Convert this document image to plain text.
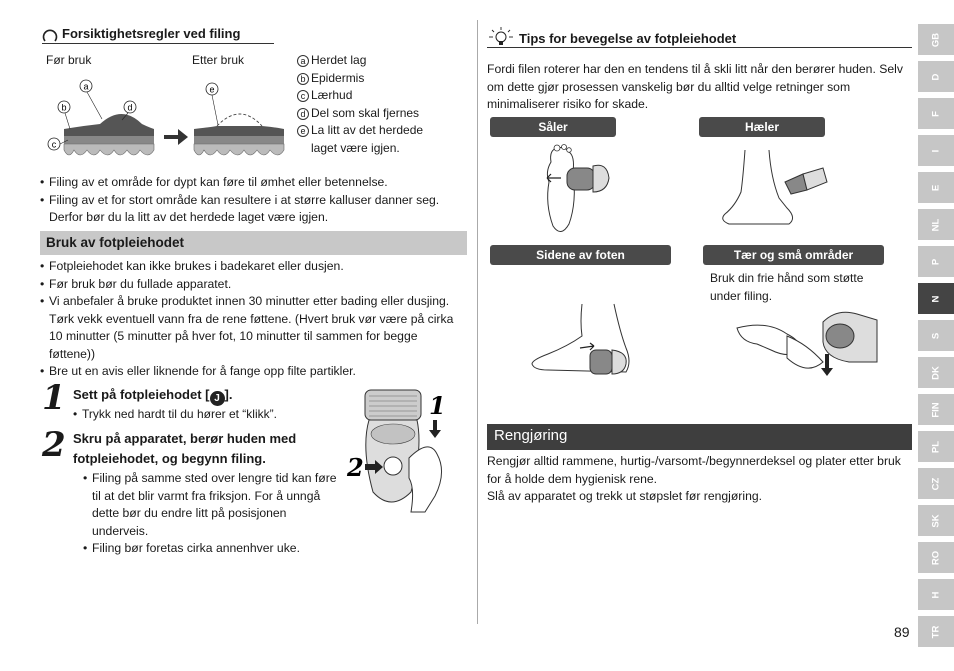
Forsiktighetsregler ved filing
Før bruk	Etter bruk
a
b
c
d
e
a Herdet lag
b Epidermis
c Lærhud
d Del som skal fjernes
e La litt av det herdede laget være igjen.
• Filing av et område for dypt kan føre til ømhet eller betennelse.
• Filing av et for stort område kan resultere i at større kalluser danner seg. Derfor bør du la litt av det herdede laget være igjen.
Bruk av fotpleiehodet
• Fotpleiehodet kan ikke brukes i badekaret eller dusjen.
• Før bruk bør du fullade apparatet.
• Vi anbefaler å bruke produktet innen 30 minutter etter bading eller dusjing. Tørk vekk eventuell vann fra de rene føttene. (Hvert bruk vør være på cirka 10 minutter (5 minutter på hver fot, 10 minutter til sammen for begge føttene))
• Bre ut en avis eller liknende for å fange opp filte partikler.
1 Sett på fotpleiehodet [ J ].
• Trykk ned hardt til du hører et “klikk”.
2 Skru på apparatet, berør huden med fotpleiehodet, og begynn filing.
• Filing på samme sted over lengre tid kan føre til at det blir varmt fra friksjon. For å unngå dette bør du endre litt på posisjonen underveis.
• Filing bør foretas cirka annenhver uke.
1
2
Tips for bevegelse av fotpleiehodet

Fordi filen roterer har den en tendens til å skli litt når den berører huden. Selv om dette gjør prosessen vanskelig bør du alltid velge retninger som minimaliserer risiko for skade.

Såler	Hæler
Sidene av foten	Tær og små områder

Bruk din frie hånd som støtte under filing.

Rengjøring

Rengjør alltid rammene, hurtig-/varsomt-/begynnerdeksel og plater etter bruk for å holde dem hygienisk rene.

Slå av apparatet og trekk ut støpslet før rengjøring.

89
GB
D
F
I
E
NL
P
N
S
DK
FIN
PL
CZ
SK
RO
H
TR
